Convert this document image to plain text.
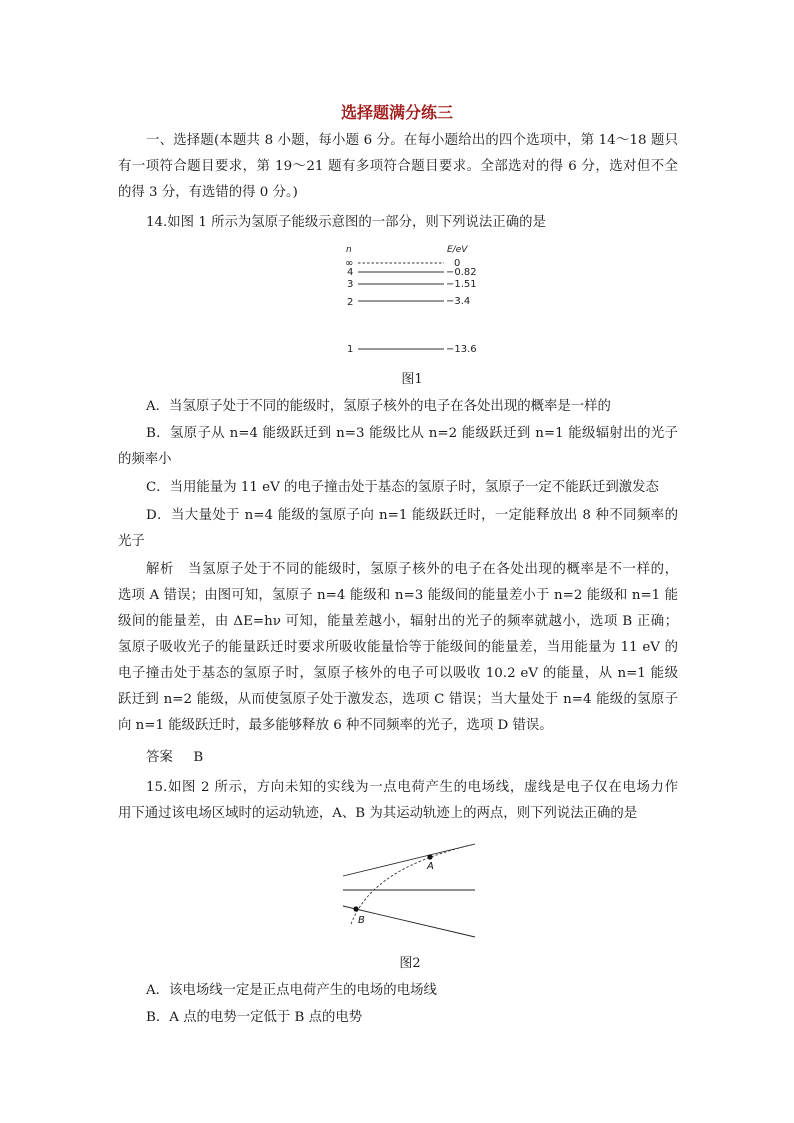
选择题满分练三
一、选择题(本题共 8 小题，每小题 6 分。在每小题给出的四个选项中，第 14～18 题只
有一项符合题目要求，第 19～21 题有多项符合题目要求。全部选对的得 6 分，选对但不全
的得 3 分，有选错的得 0 分。)
14.如图 1 所示为氢原子能级示意图的一部分，则下列说法正确的是
n	E/eV
∞	0
4	−0.82
3	−1.51
2	−3.4
1	−13.6
图1
A．当氢原子处于不同的能级时，氢原子核外的电子在各处出现的概率是一样的
B．氢原子从 n=4 能级跃迁到 n=3 能级比从 n=2 能级跃迁到 n=1 能级辐射出的光子
的频率小
C．当用能量为 11 eV 的电子撞击处于基态的氢原子时，氢原子一定不能跃迁到激发态
D．当大量处于 n=4 能级的氢原子向 n=1 能级跃迁时，一定能释放出 8 种不同频率的
光子
解析　当氢原子处于不同的能级时，氢原子核外的电子在各处出现的概率是不一样的，
选项 A 错误；由图可知，氢原子 n=4 能级和 n=3 能级间的能量差小于 n=2 能级和 n=1 能
级间的能量差，由 ΔE=hν 可知，能量差越小，辐射出的光子的频率就越小，选项 B 正确；
氢原子吸收光子的能量跃迁时要求所吸收能量恰等于能级间的能量差，当用能量为 11 eV 的
电子撞击处于基态的氢原子时，氢原子核外的电子可以吸收 10.2 eV 的能量，从 n=1 能级
跃迁到 n=2 能级，从而使氢原子处于激发态，选项 C 错误；当大量处于 n=4 能级的氢原子
向 n=1 能级跃迁时，最多能够释放 6 种不同频率的光子，选项 D 错误。
答案 B
15.如图 2 所示，方向未知的实线为一点电荷产生的电场线，虚线是电子仅在电场力作
用下通过该电场区域时的运动轨迹，A、B 为其运动轨迹上的两点，则下列说法正确的是
A
B
图2
A．该电场线一定是正点电荷产生的电场的电场线
B．A 点的电势一定低于 B 点的电势
